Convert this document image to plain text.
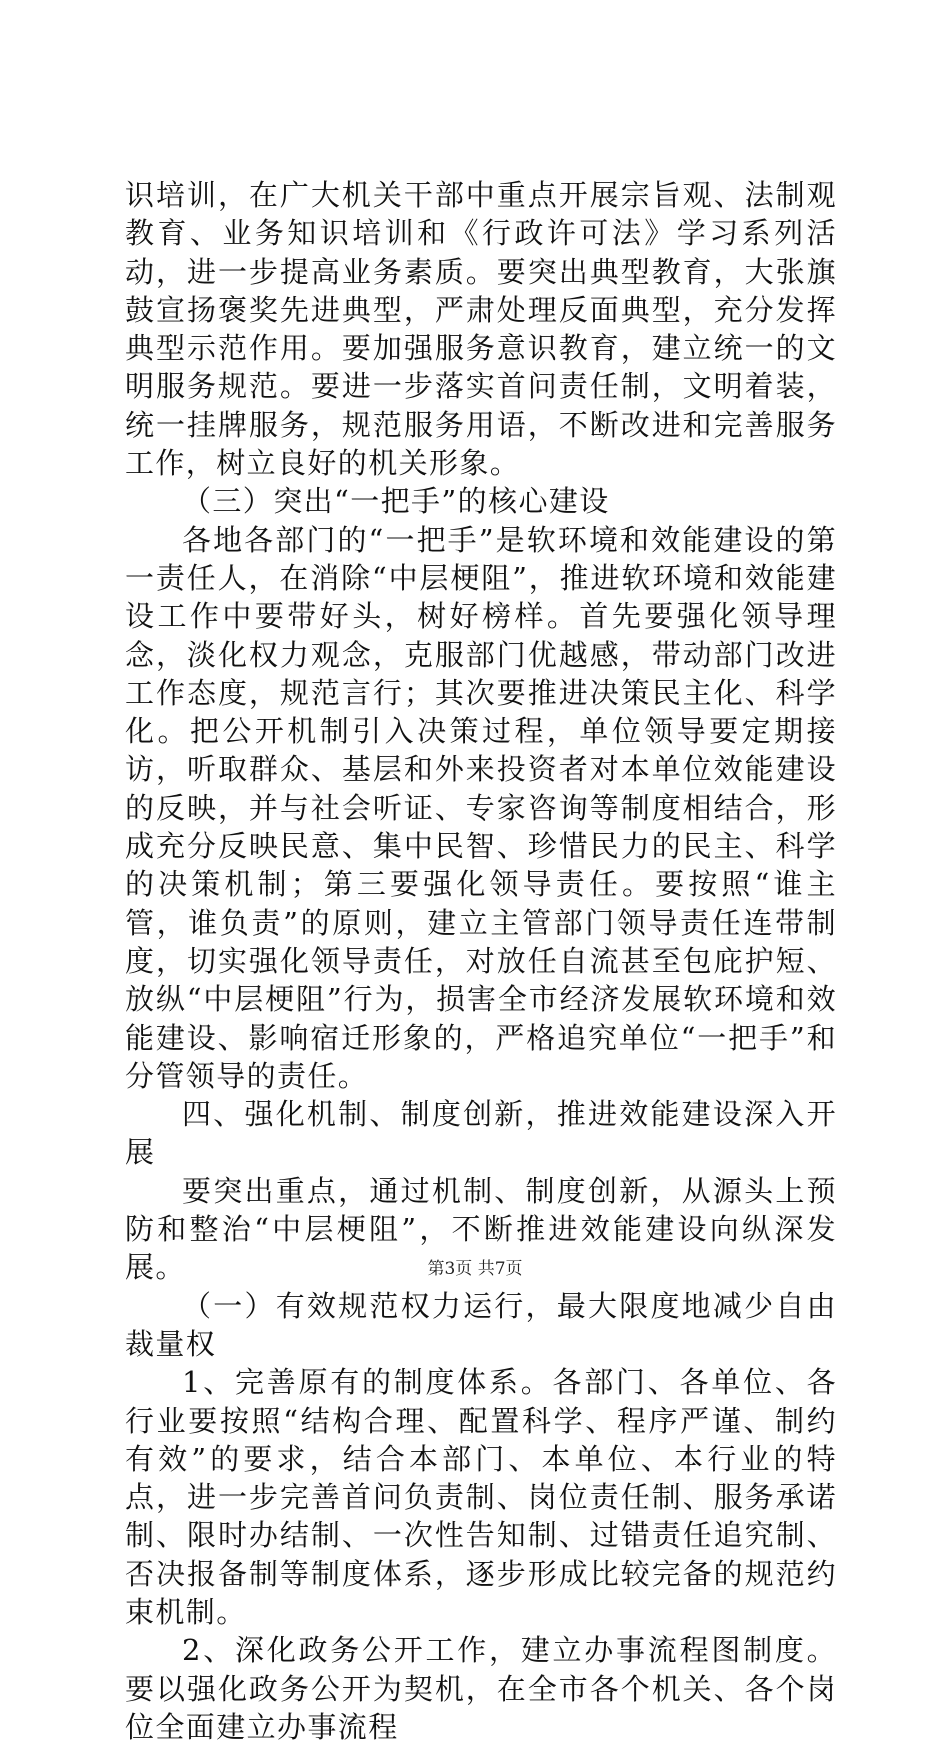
识培训，在广大机关干部中重点开展宗旨观、法制观教育、业务知识培训和《行政许可法》学习系列活动，进一步提高业务素质。要突出典型教育，大张旗鼓宣扬褒奖先进典型，严肃处理反面典型，充分发挥典型示范作用。要加强服务意识教育，建立统一的文明服务规范。要进一步落实首问责任制，文明着装，统一挂牌服务，规范服务用语，不断改进和完善服务工作，树立良好的机关形象。

（三）突出“一把手”的核心建设

各地各部门的“一把手”是软环境和效能建设的第一责任人，在消除“中层梗阻”，推进软环境和效能建设工作中要带好头，树好榜样。首先要强化领导理念，淡化权力观念，克服部门优越感，带动部门改进工作态度，规范言行；其次要推进决策民主化、科学化。把公开机制引入决策过程，单位领导要定期接访，听取群众、基层和外来投资者对本单位效能建设的反映，并与社会听证、专家咨询等制度相结合，形成充分反映民意、集中民智、珍惜民力的民主、科学的决策机制；第三要强化领导责任。要按照“谁主管，谁负责”的原则，建立主管部门领导责任连带制度，切实强化领导责任，对放任自流甚至包庇护短、放纵“中层梗阻”行为，损害全市经济发展软环境和效能建设、影响宿迁形象的，严格追究单位“一把手”和分管领导的责任。

四、强化机制、制度创新，推进效能建设深入开展

要突出重点，通过机制、制度创新，从源头上预防和整治“中层梗阻”，不断推进效能建设向纵深发展。

（一）有效规范权力运行，最大限度地减少自由裁量权

1、完善原有的制度体系。各部门、各单位、各行业要按照“结构合理、配置科学、程序严谨、制约有效”的要求，结合本部门、本单位、本行业的特点，进一步完善首问负责制、岗位责任制、服务承诺制、限时办结制、一次性告知制、过错责任追究制、否决报备制等制度体系，逐步形成比较完备的规范约束机制。

2、深化政务公开工作，建立办事流程图制度。要以强化政务公开为契机，在全市各个机关、各个岗位全面建立办事流程

第3页 共7页
